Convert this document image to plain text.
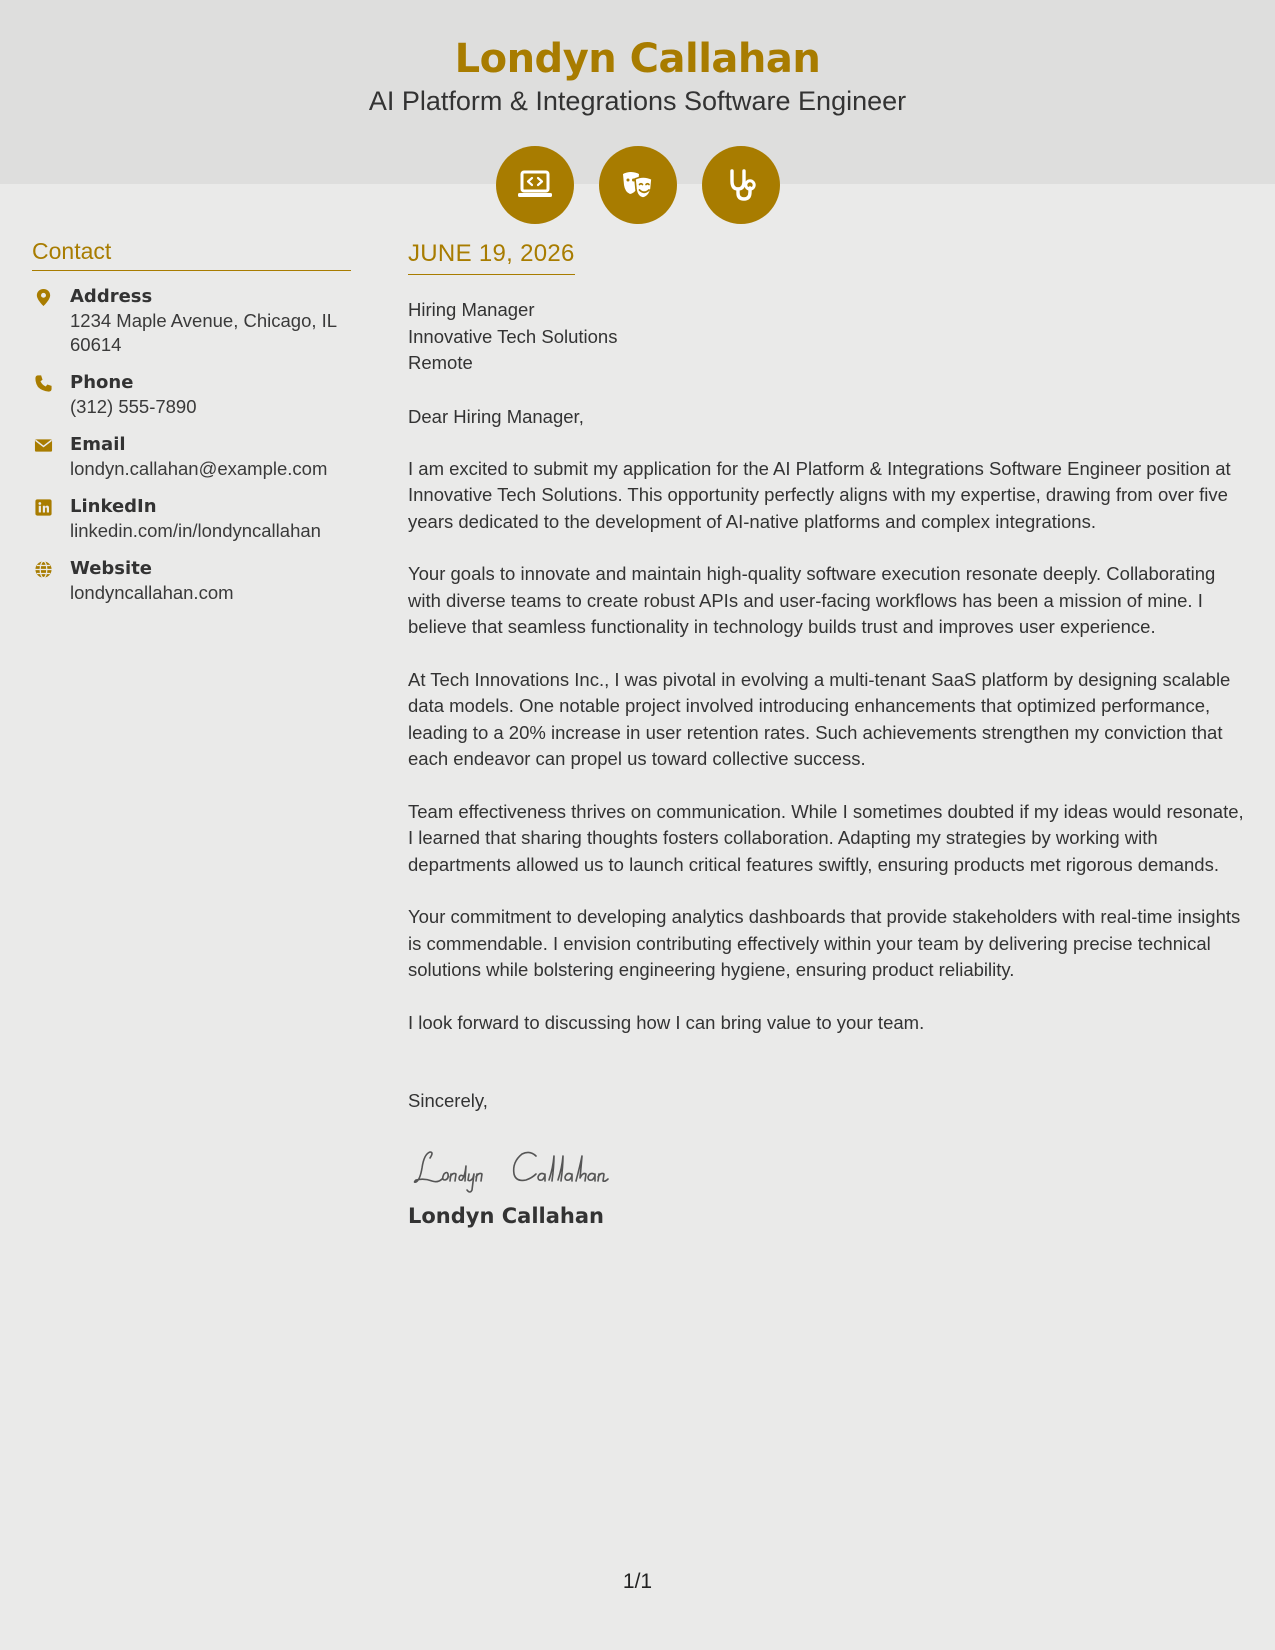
Londyn Callahan
AI Platform & Integrations Software Engineer
Contact
Address
1234 Maple Avenue, Chicago, IL 60614
Phone
(312) 555-7890
Email
londyn.callahan@example.com
LinkedIn
linkedin.com/in/londyncallahan
Website
londyncallahan.com
JUNE 19, 2026
Hiring Manager
Innovative Tech Solutions
Remote
Dear Hiring Manager,

I am excited to submit my application for the AI Platform & Integrations Software Engineer position at Innovative Tech Solutions. This opportunity perfectly aligns with my expertise, drawing from over five years dedicated to the development of AI-native platforms and complex integrations.

Your goals to innovate and maintain high-quality software execution resonate deeply. Collaborating with diverse teams to create robust APIs and user-facing workflows has been a mission of mine. I believe that seamless functionality in technology builds trust and improves user experience.

At Tech Innovations Inc., I was pivotal in evolving a multi-tenant SaaS platform by designing scalable data models. One notable project involved introducing enhancements that optimized performance, leading to a 20% increase in user retention rates. Such achievements strengthen my conviction that each endeavor can propel us toward collective success.

Team effectiveness thrives on communication. While I sometimes doubted if my ideas would resonate, I learned that sharing thoughts fosters collaboration. Adapting my strategies by working with departments allowed us to launch critical features swiftly, ensuring products met rigorous demands.

Your commitment to developing analytics dashboards that provide stakeholders with real-time insights is commendable. I envision contributing effectively within your team by delivering precise technical solutions while bolstering engineering hygiene, ensuring product reliability.

I look forward to discussing how I can bring value to your team.

Sincerely,
Londyn Callahan
1/1
